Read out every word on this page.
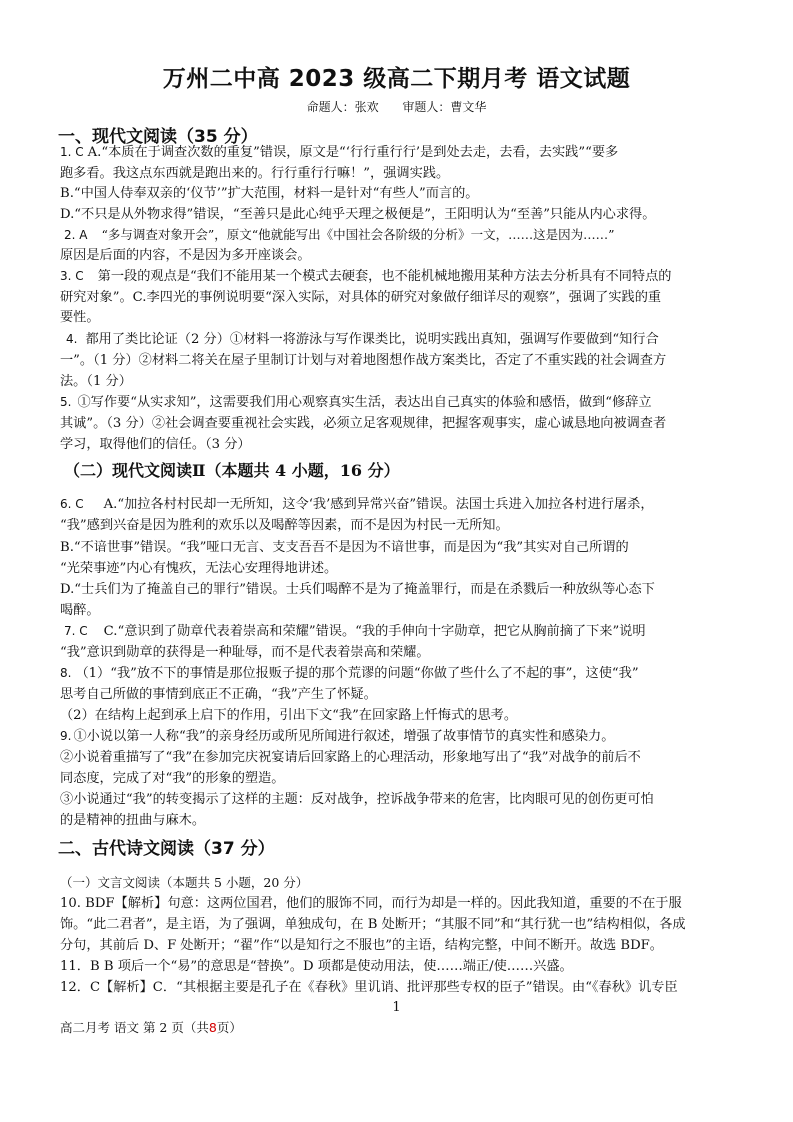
万州二中高 2023 级高二下期月考 语文试题
命题人：张欢 审题人：曹文华
一、现代文阅读（35 分）
1. C A.“本质在于调查次数的重复”错误，原文是“‘行行重行行’是到处去走，去看，去实践”“要多
跑多看。我这点东西就是跑出来的。行行重行行嘛！”，强调实践。
B.“中国人侍奉双亲的‘仪节’”扩大范围，材料一是针对“有些人”而言的。
D.“不只是从外物求得”错误，“至善只是此心纯乎天理之极便是”，王阳明认为“至善”只能从内心求得。
2. A “多与调查对象开会”，原文“他就能写出《中国社会各阶级的分析》一文，……这是因为……”
原因是后面的内容，不是因为多开座谈会。
3. C 第一段的观点是“我们不能用某一个模式去硬套，也不能机械地搬用某种方法去分析具有不同特点的
研究对象”。C.李四光的事例说明要“深入实际，对具体的研究对象做仔细详尽的观察”，强调了实践的重
要性。
4. 都用了类比论证（2 分）①材料一将游泳与写作课类比，说明实践出真知，强调写作要做到“知行合
一”。（1 分）②材料二将关在屋子里制订计划与对着地图想作战方案类比，否定了不重实践的社会调查方
法。（1 分）
5. ①写作要“从实求知”，这需要我们用心观察真实生活，表达出自己真实的体验和感悟，做到“修辞立
其诚”。（3 分）②社会调查要重视社会实践，必须立足客观规律，把握客观事实，虚心诚恳地向被调查者
学习，取得他们的信任。（3 分）
（二）现代文阅读Ⅱ（本题共 4 小题，16 分）
6. C A.“加拉各村村民却一无所知，这令‘我’感到异常兴奋”错误。法国士兵进入加拉各村进行屠杀，
“我”感到兴奋是因为胜利的欢乐以及喝醉等因素，而不是因为村民一无所知。
B.“不谙世事”错误。“我”哑口无言、支支吾吾不是因为不谙世事，而是因为“我”其实对自己所谓的
“光荣事迹”内心有愧疚，无法心安理得地讲述。
D.“士兵们为了掩盖自己的罪行”错误。士兵们喝醉不是为了掩盖罪行，而是在杀戮后一种放纵等心态下
喝醉。
7. C C.“意识到了勋章代表着崇高和荣耀”错误。“我的手伸向十字勋章，把它从胸前摘了下来”说明
“我”意识到勋章的获得是一种耻辱，而不是代表着崇高和荣耀。
8. （1）“我”放不下的事情是那位报贩子提的那个荒谬的问题“你做了些什么了不起的事”，这使“我”
思考自己所做的事情到底正不正确，“我”产生了怀疑。
（2）在结构上起到承上启下的作用，引出下文“我”在回家路上忏悔式的思考。
9. ①小说以第一人称“我”的亲身经历或所见所闻进行叙述，增强了故事情节的真实性和感染力。
②小说着重描写了“我”在参加完庆祝宴请后回家路上的心理活动，形象地写出了“我”对战争的前后不
同态度，完成了对“我”的形象的塑造。
③小说通过“我”的转变揭示了这样的主题：反对战争，控诉战争带来的危害，比肉眼可见的创伤更可怕
的是精神的扭曲与麻木。
二、古代诗文阅读（37 分）
（一）文言文阅读（本题共 5 小题，20 分）
10. BDF【解析】句意：这两位国君，他们的服饰不同，而行为却是一样的。因此我知道，重要的不在于服
饰。“此二君者”，是主语，为了强调，单独成句，在 B 处断开；“其服不同”和“其行犹一也”结构相似，各成
分句，其前后 D、F 处断开；“翟”作“以是知行之不服也”的主语，结构完整，中间不断开。故选 BDF。
11．B B 项后一个“易”的意思是“替换”。D 项都是使动用法，使……端正/使……兴盛。
12．C【解析】C．“其根据主要是孔子在《春秋》里讥诮、批评那些专权的臣子”错误。由“《春秋》讥专臣
1
高二月考 语文 第 2 页（共8页）
